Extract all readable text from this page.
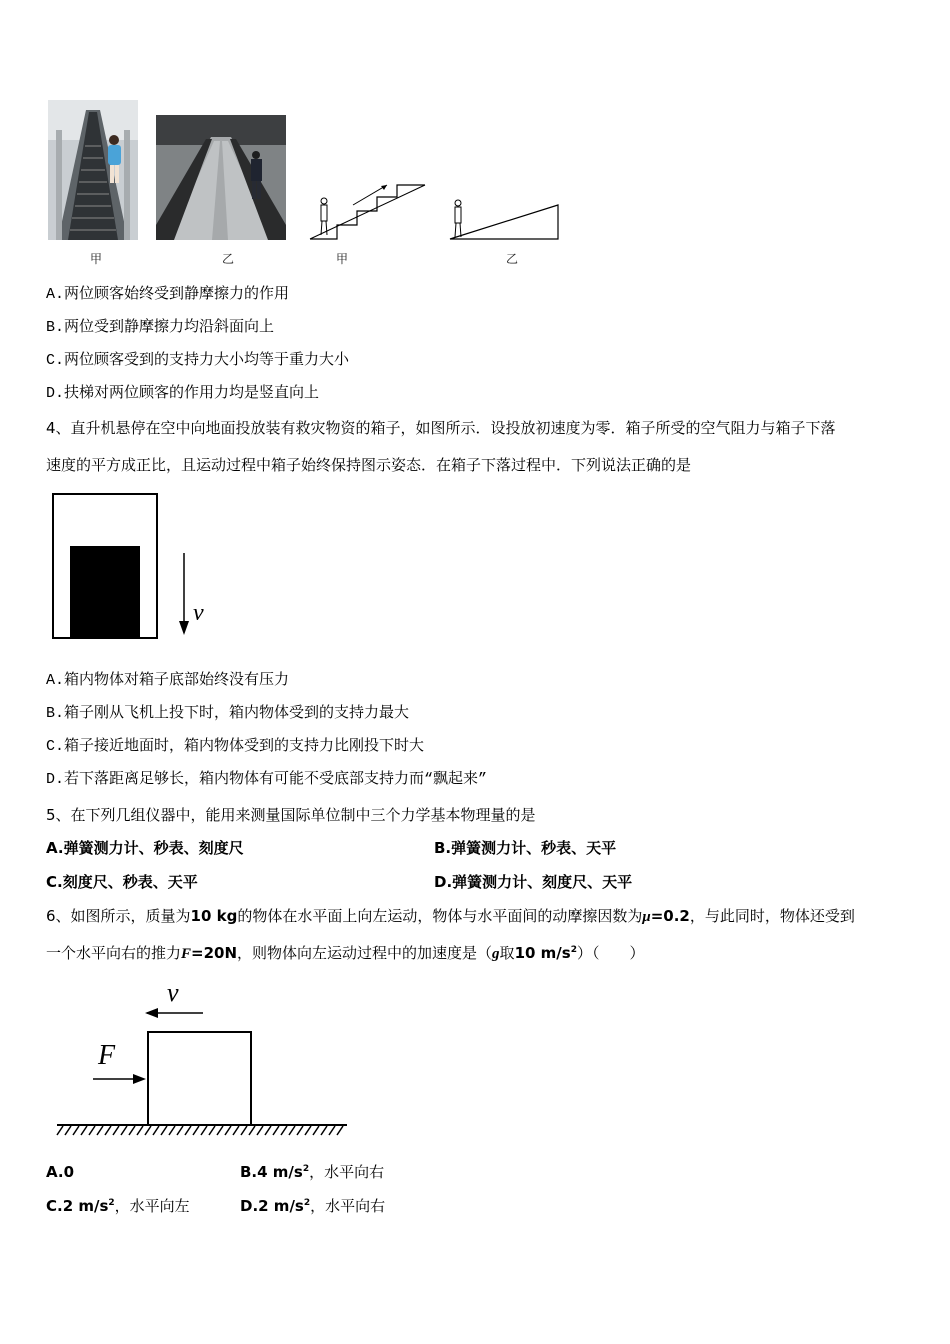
甲	乙	甲	乙
A.两位顾客始终受到静摩擦力的作用
B.两位受到静摩擦力均沿斜面向上
C.两位顾客受到的支持力大小均等于重力大小
D.扶梯对两位顾客的作用力均是竖直向上
4、直升机悬停在空中向地面投放装有救灾物资的箱子，如图所示．设投放初速度为零．箱子所受的空气阻力与箱子下落
速度的平方成正比，且运动过程中箱子始终保持图示姿态．在箱子下落过程中．下列说法正确的是
v
A.箱内物体对箱子底部始终没有压力
B.箱子刚从飞机上投下时，箱内物体受到的支持力最大
C.箱子接近地面时，箱内物体受到的支持力比刚投下时大
D.若下落距离足够长，箱内物体有可能不受底部支持力而“飘起来”
5、在下列几组仪器中，能用来测量国际单位制中三个力学基本物理量的是
A.弹簧测力计、秒表、刻度尺	B.弹簧测力计、秒表、天平
C.刻度尺、秒表、天平	D.弹簧测力计、刻度尺、天平
6、如图所示，质量为10 kg的物体在水平面上向左运动，物体与水平面间的动摩擦因数为μ=0.2，与此同时，物体还受到
一个水平向右的推力F=20N，则物体向左运动过程中的加速度是（g取10 $m/s^2$）（　　）
v
F
A.0	B.4 $m/s^2$，水平向右
C.2 $m/s^2$，水平向左	D.2 $m/s^2$，水平向右
